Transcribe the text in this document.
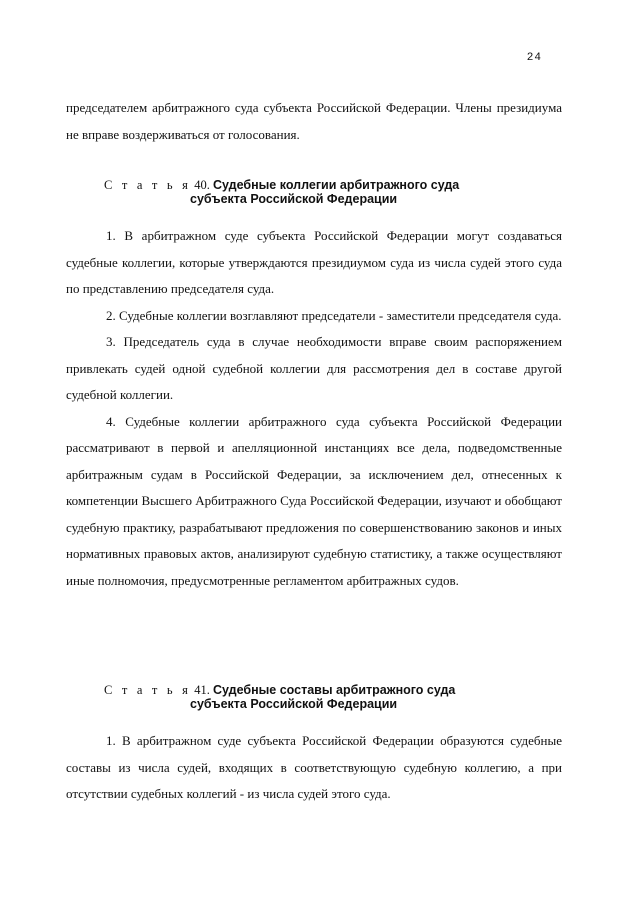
24

председателем арбитражного суда субъекта Российской Федерации. Члены президиума не вправе воздерживаться от голосования.

С т а т ь я 40. Судебные коллегии арбитражного суда
субъекта Российской Федерации

1. В арбитражном суде субъекта Российской Федерации могут создаваться судебные коллегии, которые утверждаются президиумом суда из числа судей этого суда по представлению председателя суда.

2. Судебные коллегии возглавляют председатели - заместители председателя суда.

3. Председатель суда в случае необходимости вправе своим распоряжением привлекать судей одной судебной коллегии для рассмотрения дел в составе другой судебной коллегии.

4. Судебные коллегии арбитражного суда субъекта Российской Федерации рассматривают в первой и апелляционной инстанциях все дела, подведомственные арбитражным судам в Российской Федерации, за исключением дел, отнесенных к компетенции Высшего Арбитражного Суда Российской Федерации, изучают и обобщают судебную практику, разрабатывают предложения по совершенствованию законов и иных нормативных правовых актов, анализируют судебную статистику, а также осуществляют иные полномочия, предусмотренные регламентом арбитражных судов.

С т а т ь я 41. Судебные составы арбитражного суда
субъекта Российской Федерации

1. В арбитражном суде субъекта Российской Федерации образуются судебные составы из числа судей, входящих в соответствующую судебную коллегию, а при отсутствии судебных коллегий - из числа судей этого суда.
